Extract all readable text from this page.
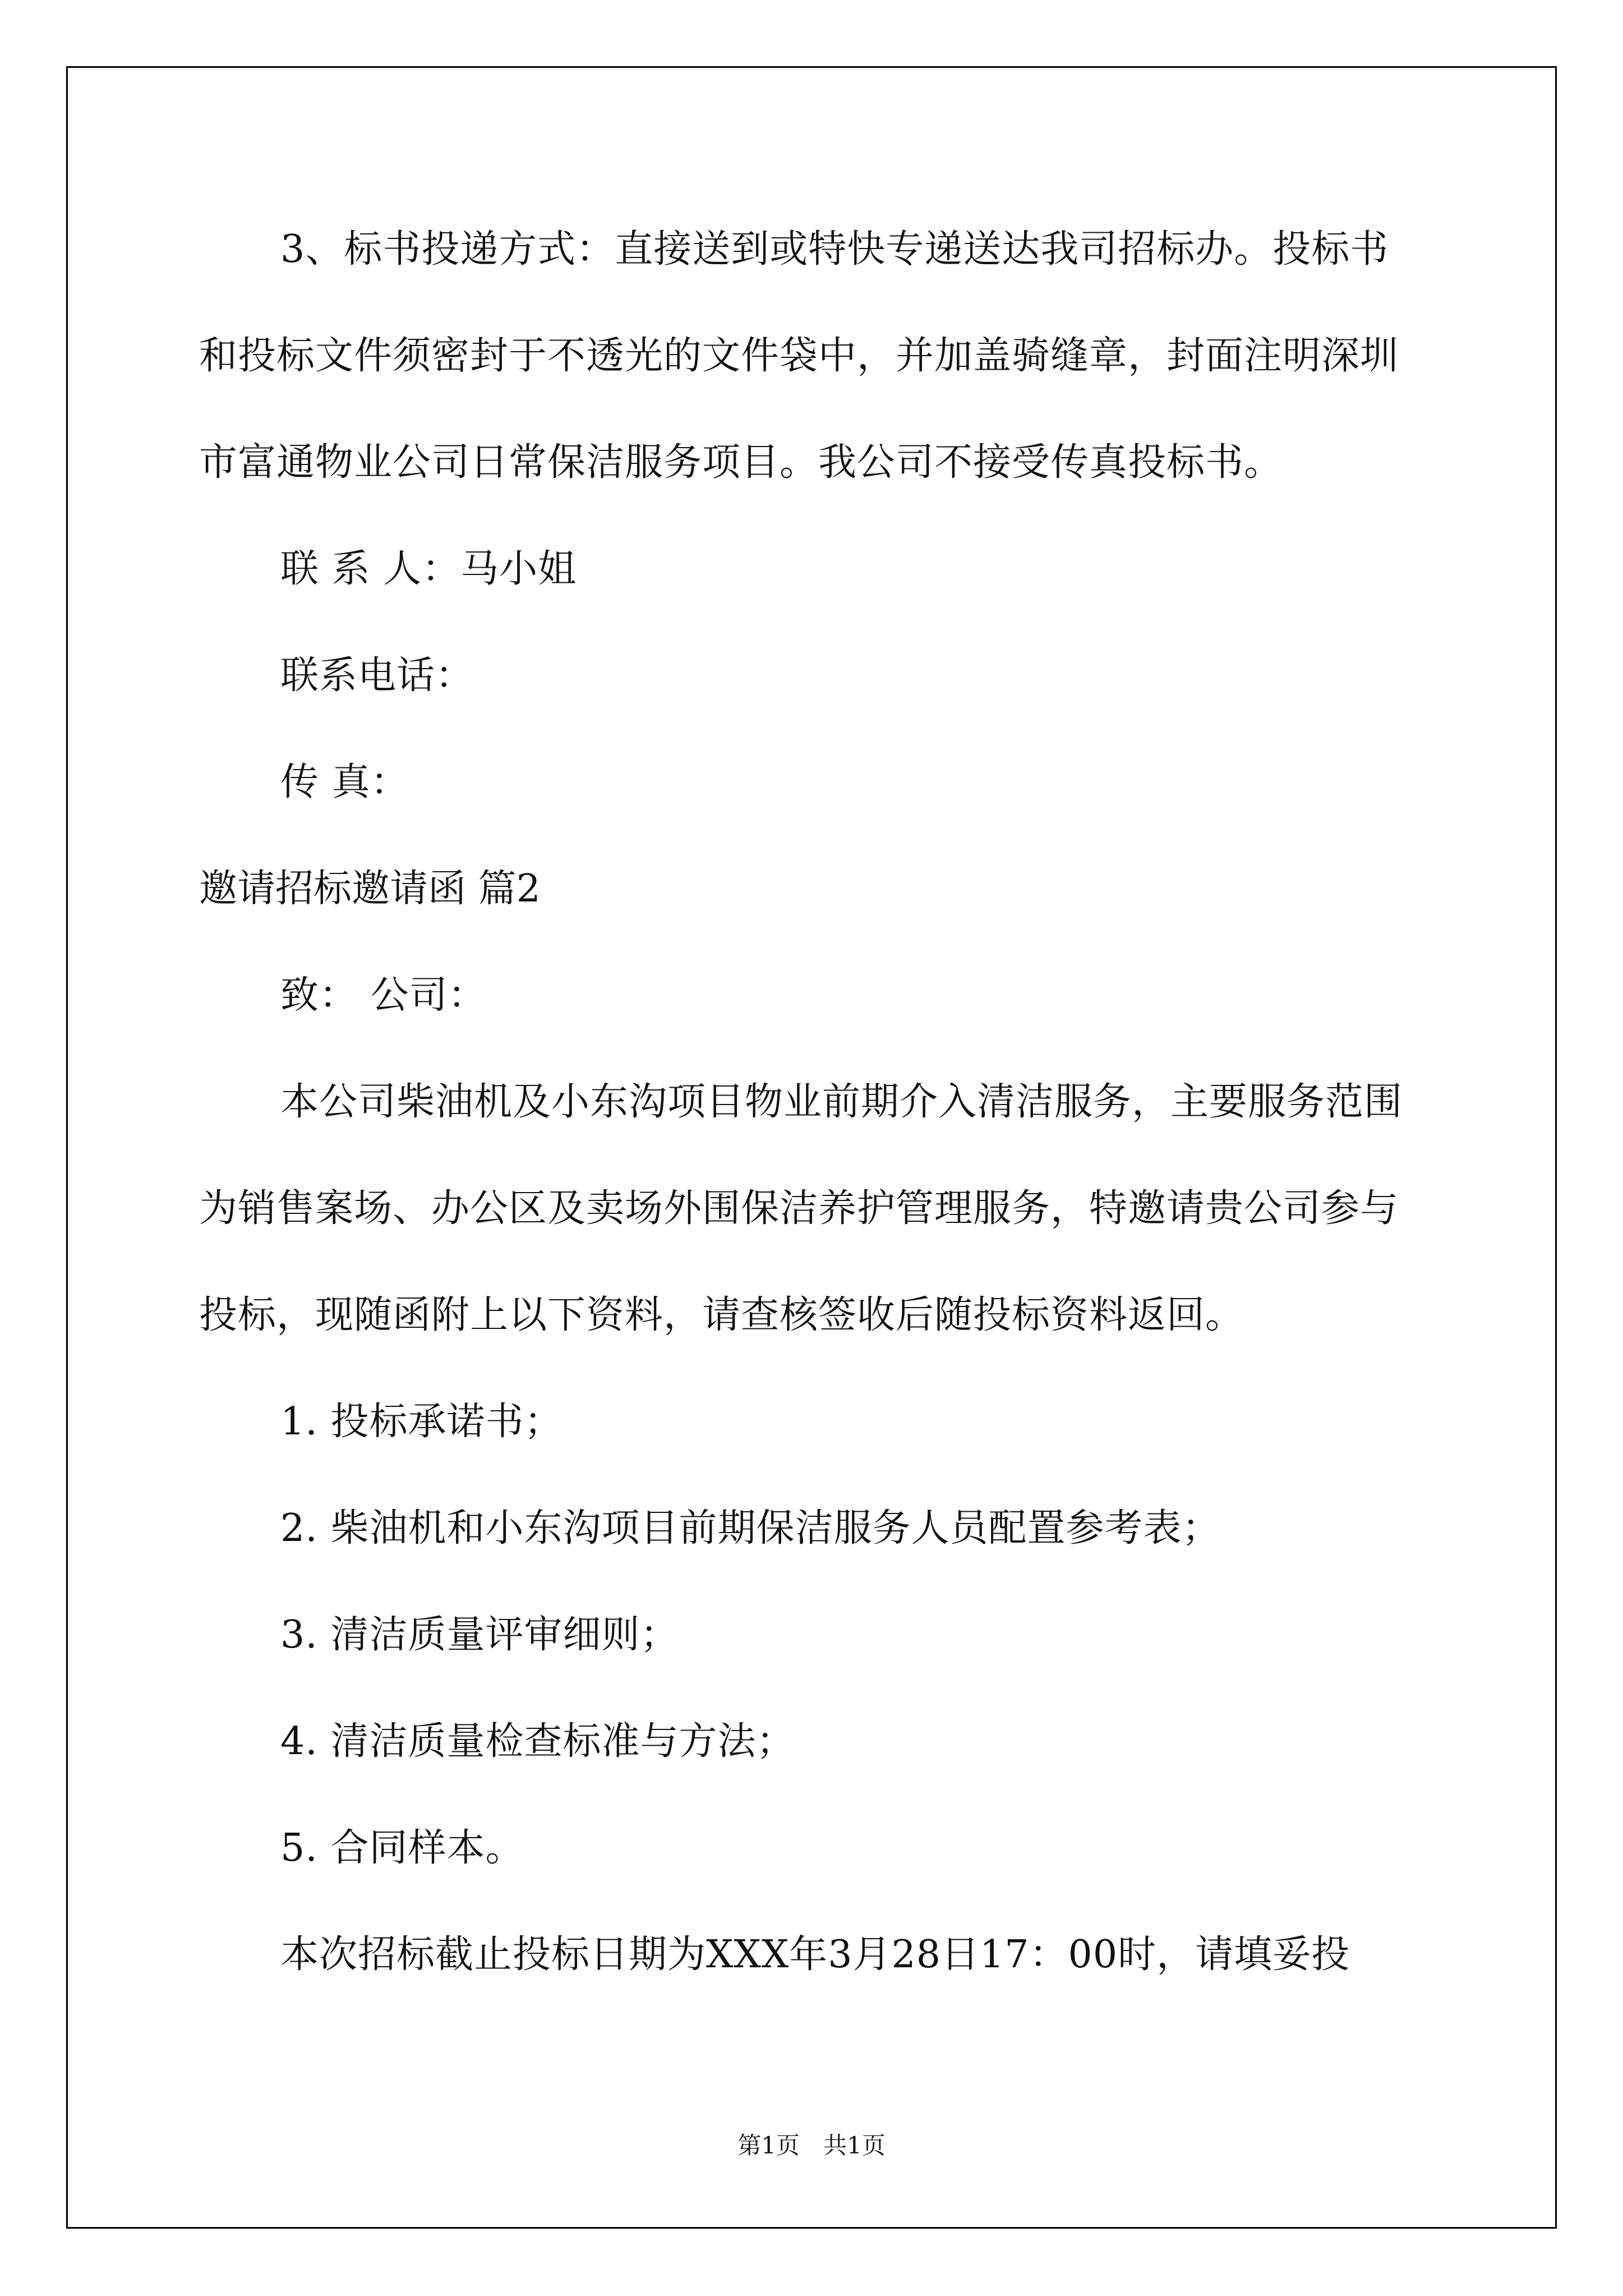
3、标书投递方式：直接送到或特快专递送达我司招标办。投标书和投标文件须密封于不透光的文件袋中，并加盖骑缝章，封面注明深圳市富通物业公司日常保洁服务项目。我公司不接受传真投标书。

联 系 人：马小姐

联系电话：

传 真：

邀请招标邀请函 篇2

致： 公司：

本公司柴油机及小东沟项目物业前期介入清洁服务，主要服务范围为销售案场、办公区及卖场外围保洁养护管理服务，特邀请贵公司参与投标，现随函附上以下资料，请查核签收后随投标资料返回。

1. 投标承诺书；

2. 柴油机和小东沟项目前期保洁服务人员配置参考表；

3. 清洁质量评审细则；

4. 清洁质量检查标准与方法；

5. 合同样本。

本次招标截止投标日期为XXX年3月28日17：00时，请填妥投

第1页　共1页
